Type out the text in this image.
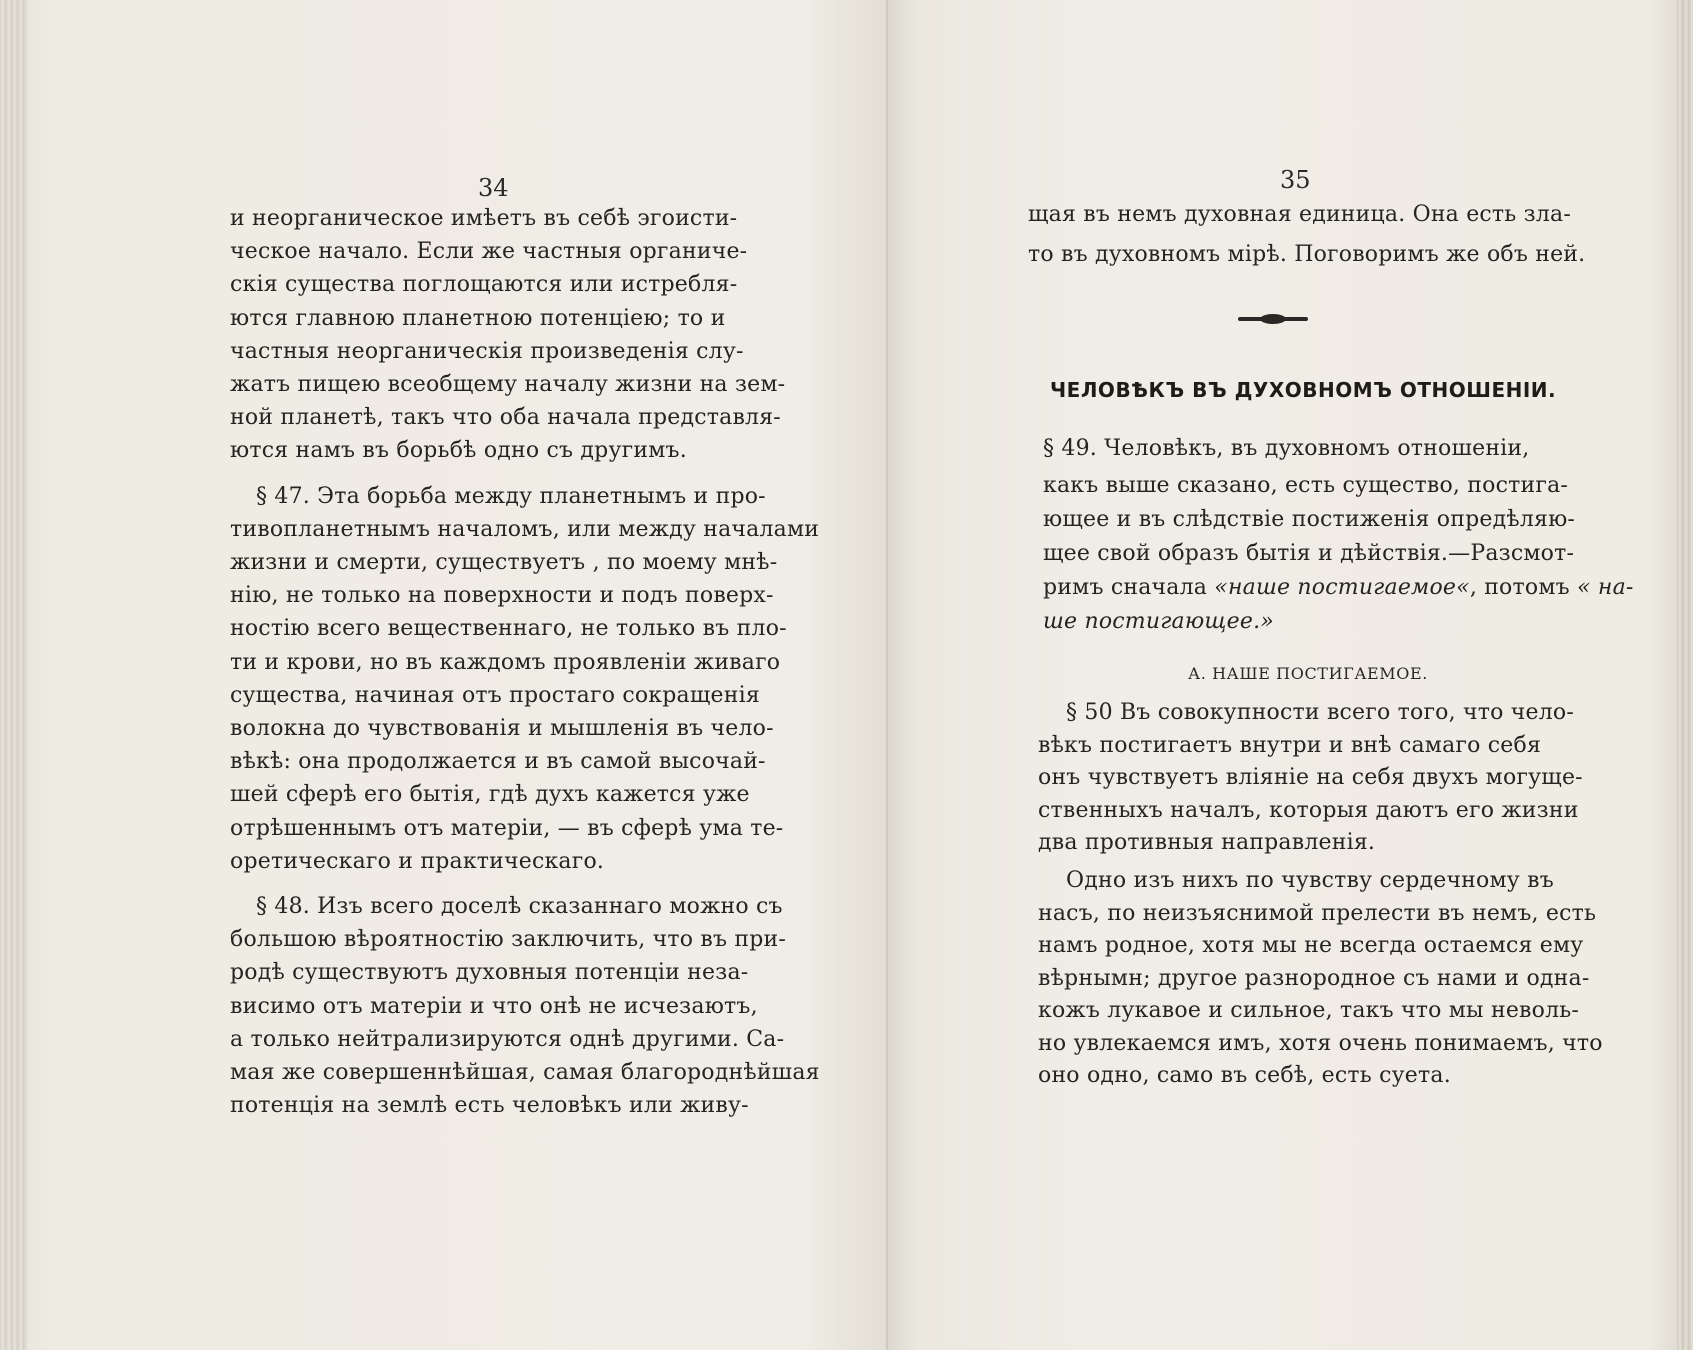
34
и неорганическое имѣетъ въ себѣ эгоисти-
ческое начало. Если же частныя органиче-
скія существа поглощаются или истребля-
ются главною планетною потенціею; то и
частныя неорганическія произведенія слу-
жатъ пищею всеобщему началу жизни на зем-
ной планетѣ, такъ что оба начала представля-
ются намъ въ борьбѣ одно съ другимъ.
§ 47. Эта борьба между планетнымъ и про-
тивопланетнымъ началомъ, или между началами
жизни и смерти, существуетъ , по моему мнѣ-
нію, не только на поверхности и подъ поверх-
ностію всего вещественнаго, не только въ пло-
ти и крови, но въ каждомъ проявленіи живаго
существа, начиная отъ простаго сокращенія
волокна до чувствованія и мышленія въ чело-
вѣкѣ: она продолжается и въ самой высочай-
шей сферѣ его бытія, гдѣ духъ кажется уже
отрѣшеннымъ отъ матеріи, — въ сферѣ ума те-
оретическаго и практическаго.
§ 48. Изъ всего доселѣ сказаннаго можно съ
большою вѣроятностію заключить, что въ при-
родѣ существуютъ духовныя потенціи неза-
висимо отъ матеріи и что онѣ не исчезаютъ,
а только нейтрализируются однѣ другими. Са-
мая же совершеннѣйшая, самая благороднѣйшая
потенція на землѣ есть человѣкъ или живу-
35
щая въ немъ духовная единица. Она есть зла-
то въ духовномъ мірѣ. Поговоримъ же объ ней.
ЧЕЛОВѢКЪ ВЪ ДУХОВНОМЪ ОТНОШЕНІИ.
§ 49. Человѣкъ, въ духовномъ отношеніи,
какъ выше сказано, есть существо, постига-
ющее и въ слѣдствіе постиженія опредѣляю-
щее свой образъ бытія и дѣйствія.—Разсмот-
римъ сначала «наше постигаемое«, потомъ « на-
ше постигающее.»
А. НАШЕ ПОСТИГАЕМОЕ.
§ 50 Въ совокупности всего того, что чело-
вѣкъ постигаетъ внутри и внѣ самаго себя
онъ чувствуетъ вліяніе на себя двухъ могуще-
ственныхъ началъ, которыя даютъ его жизни
два противныя направленія.
Одно изъ нихъ по чувству сердечному въ
насъ, по неизъяснимой прелести въ немъ, есть
намъ родное, хотя мы не всегда остаемся ему
вѣрнымн; другое разнородное съ нами и одна-
кожъ лукавое и сильное, такъ что мы неволь-
но увлекаемся имъ, хотя очень понимаемъ, что
оно одно, само въ себѣ, есть суета.
